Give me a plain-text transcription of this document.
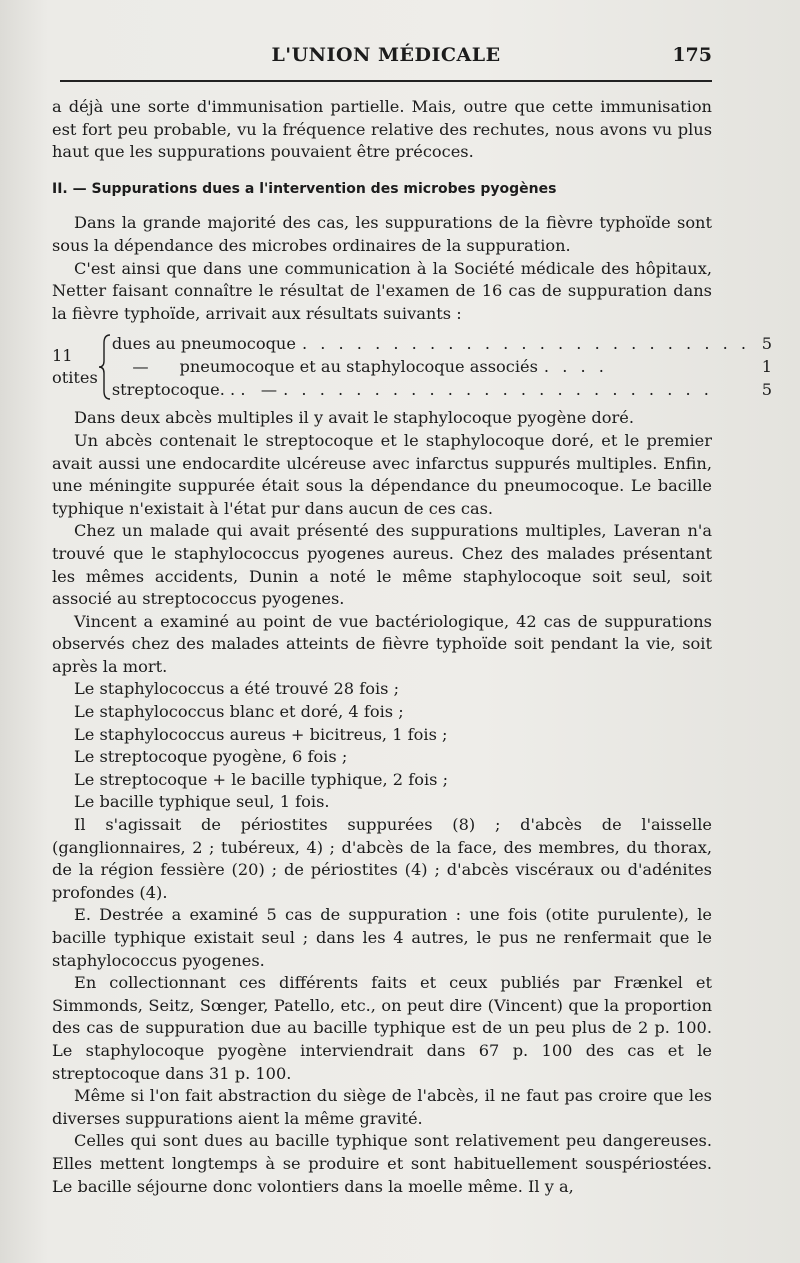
L'UNION MÉDICALE	175

a déjà une sorte d'immunisation partielle. Mais, outre que cette immunisation est fort peu probable, vu la fréquence relative des rechutes, nous avons vu plus haut que les suppurations pouvaient être précoces.

II. — Suppurations dues a l'intervention des microbes pyogènes

Dans la grande majorité des cas, les suppurations de la fièvre typhoïde sont sous la dépendance des microbes ordinaires de la suppuration.

C'est ainsi que dans une communication à la Société médicale des hôpitaux, Netter faisant connaître le résultat de l'examen de 16 cas de suppuration dans la fièvre typhoïde, arrivait aux résultats suivants :

11 otites
dues au pneumocoque . . . . . . . . . . . . . . . . . . . . . . . . . 5
—      pneumocoque et au staphylocoque associés . . . .	1
streptocoque. . .   — . . . . . . . . . . . . . . . . . . . . . . . .	5

Dans deux abcès multiples il y avait le staphylocoque pyogène doré.

Un abcès contenait le streptocoque et le staphylocoque doré, et le premier avait aussi une endocardite ulcéreuse avec infarctus suppurés multiples. Enfin, une méningite suppurée était sous la dépendance du pneumocoque. Le bacille typhique n'existait à l'état pur dans aucun de ces cas.

Chez un malade qui avait présenté des suppurations multiples, Laveran n'a trouvé que le staphylococcus pyogenes aureus. Chez des malades présentant les mêmes accidents, Dunin a noté le même staphylocoque soit seul, soit associé au streptococcus pyogenes.

Vincent a examiné au point de vue bactériologique, 42 cas de suppurations observés chez des malades atteints de fièvre typhoïde soit pendant la vie, soit après la mort.

Le staphylococcus a été trouvé 28 fois ;
Le staphylococcus blanc et doré, 4 fois ;
Le staphylococcus aureus + bicitreus, 1 fois ;
Le streptocoque pyogène, 6 fois ;
Le streptocoque + le bacille typhique, 2 fois ;
Le bacille typhique seul, 1 fois.

Il s'agissait de périostites suppurées (8) ; d'abcès de l'aisselle (ganglionnaires, 2 ; tubéreux, 4) ; d'abcès de la face, des membres, du thorax, de la région fessière (20) ; de périostites (4) ; d'abcès viscéraux ou d'adénites profondes (4).

E. Destrée a examiné 5 cas de suppuration : une fois (otite purulente), le bacille typhique existait seul ; dans les 4 autres, le pus ne renfermait que le staphylococcus pyogenes.

En collectionnant ces différents faits et ceux publiés par Frænkel et Simmonds, Seitz, Sœnger, Patello, etc., on peut dire (Vincent) que la proportion des cas de suppuration due au bacille typhique est de un peu plus de 2 p. 100. Le staphylocoque pyogène interviendrait dans 67 p. 100 des cas et le streptocoque dans 31 p. 100.

Même si l'on fait abstraction du siège de l'abcès, il ne faut pas croire que les diverses suppurations aient la même gravité.

Celles qui sont dues au bacille typhique sont relativement peu dangereuses. Elles mettent longtemps à se produire et sont habituellement souspériostées. Le bacille séjourne donc volontiers dans la moelle même. Il y a,
